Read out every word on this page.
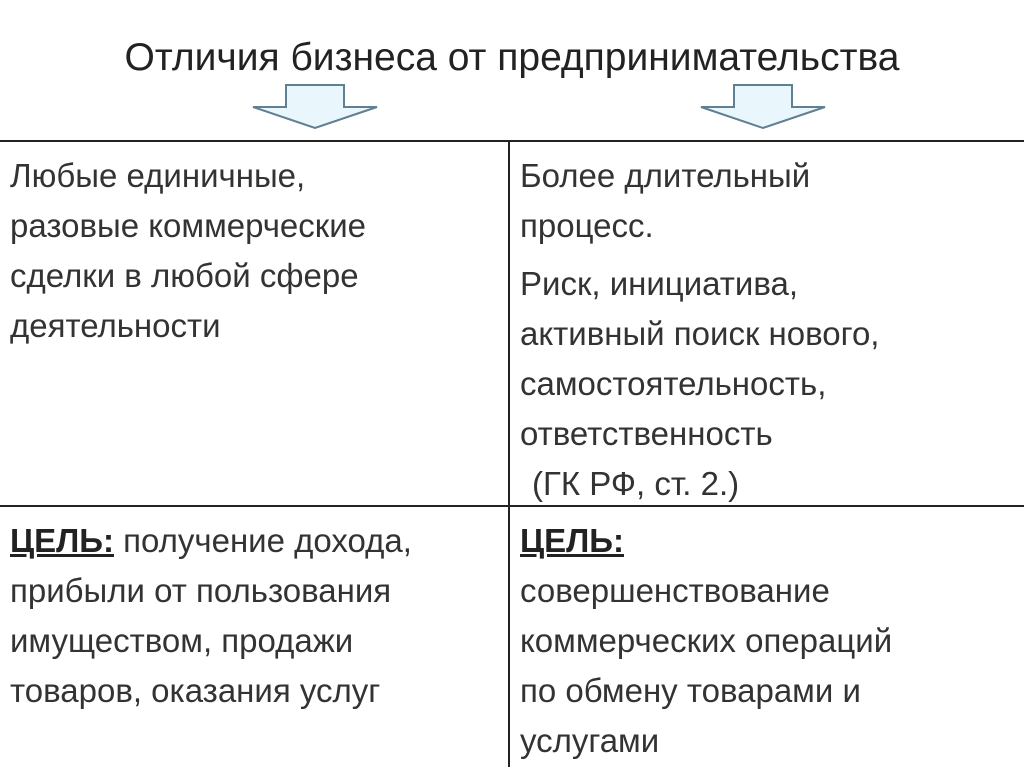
Отличия бизнеса от предпринимательства

Любые единичные,

разовые коммерческие

сделки в любой сфере

деятельности

Более длительный

процесс.

Риск, инициатива,

активный поиск нового,

самостоятельность,

ответственность

(ГК РФ, ст. 2.)

ЦЕЛЬ: получение дохода,

прибыли от пользования

имуществом, продажи

товаров, оказания услуг

ЦЕЛЬ:

совершенствование

коммерческих операций

по обмену товарами и

услугами
